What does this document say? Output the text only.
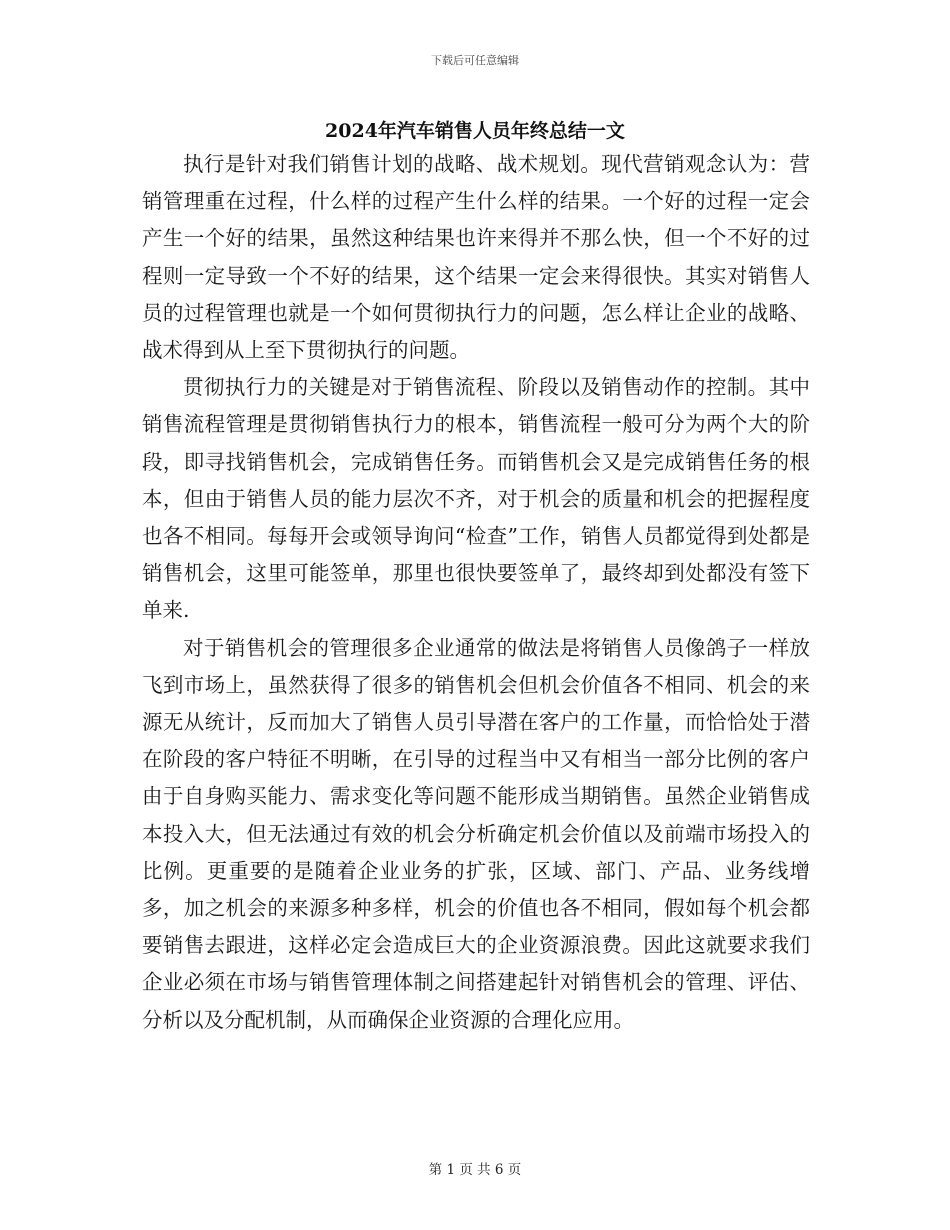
下载后可任意编辑
2024年汽车销售人员年终总结一文

执行是针对我们销售计划的战略、战术规划。现代营销观念认为：营销管理重在过程，什么样的过程产生什么样的结果。一个好的过程一定会产生一个好的结果，虽然这种结果也许来得并不那么快，但一个不好的过程则一定导致一个不好的结果，这个结果一定会来得很快。其实对销售人员的过程管理也就是一个如何贯彻执行力的问题，怎么样让企业的战略、战术得到从上至下贯彻执行的问题。

贯彻执行力的关键是对于销售流程、阶段以及销售动作的控制。其中销售流程管理是贯彻销售执行力的根本，销售流程一般可分为两个大的阶段，即寻找销售机会，完成销售任务。而销售机会又是完成销售任务的根本，但由于销售人员的能力层次不齐，对于机会的质量和机会的把握程度也各不相同。每每开会或领导询问“检查”工作，销售人员都觉得到处都是销售机会，这里可能签单，那里也很快要签单了，最终却到处都没有签下单来.

对于销售机会的管理很多企业通常的做法是将销售人员像鸽子一样放飞到市场上，虽然获得了很多的销售机会但机会价值各不相同、机会的来源无从统计，反而加大了销售人员引导潜在客户的工作量，而恰恰处于潜在阶段的客户特征不明晰，在引导的过程当中又有相当一部分比例的客户由于自身购买能力、需求变化等问题不能形成当期销售。虽然企业销售成本投入大，但无法通过有效的机会分析确定机会价值以及前端市场投入的比例。更重要的是随着企业业务的扩张，区域、部门、产品、业务线增多，加之机会的来源多种多样，机会的价值也各不相同，假如每个机会都要销售去跟进，这样必定会造成巨大的企业资源浪费。因此这就要求我们企业必须在市场与销售管理体制之间搭建起针对销售机会的管理、评估、分析以及分配机制，从而确保企业资源的合理化应用。

第 1 页 共 6 页
